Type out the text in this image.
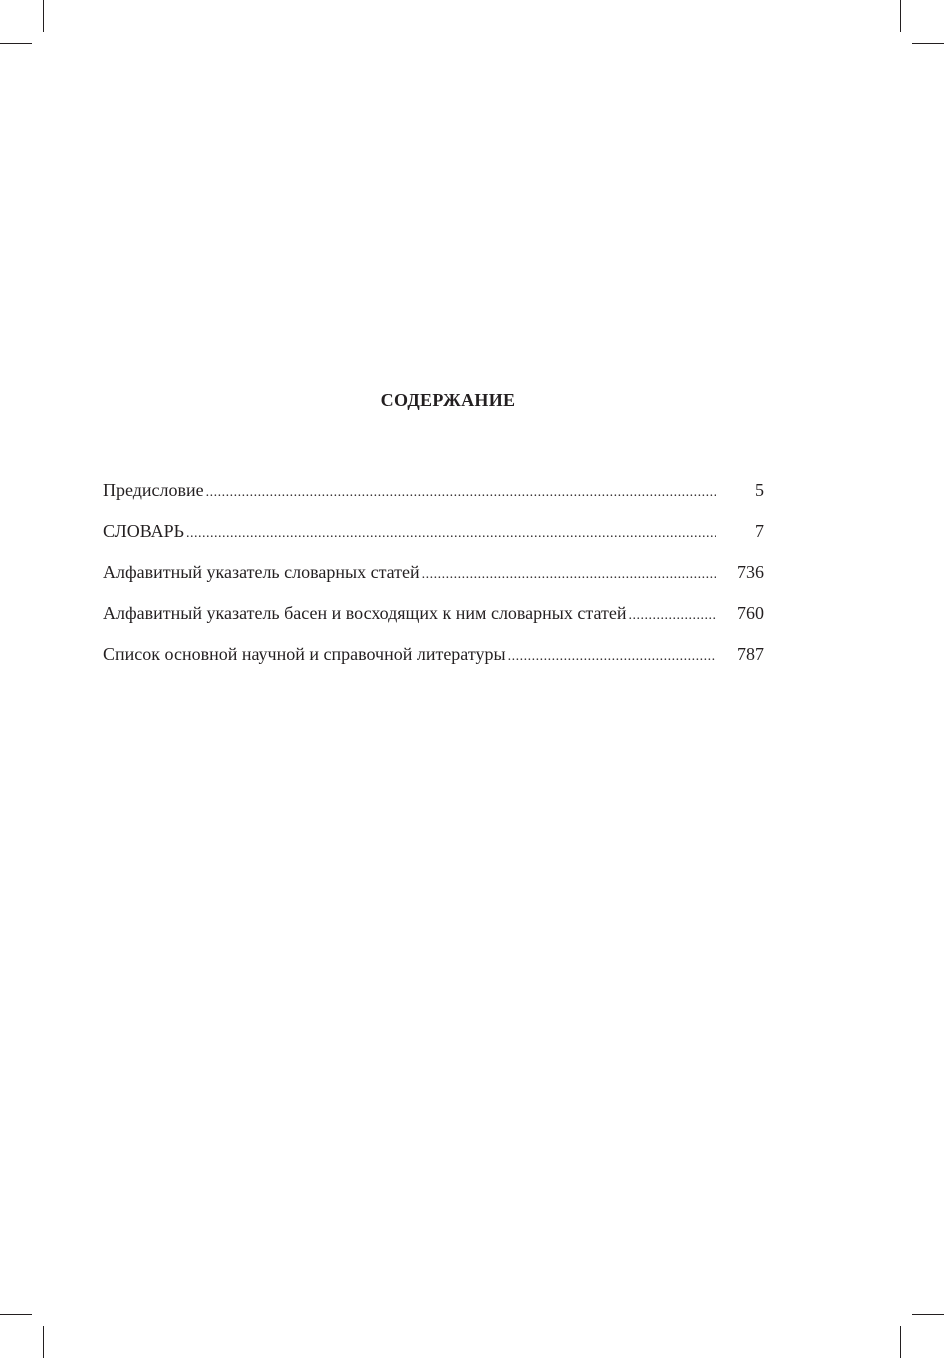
СОДЕРЖАНИЕ
Предисловие .....	5
СЛОВАРЬ .....	7
Алфавитный указатель словарных статей .....	736
Алфавитный указатель басен и восходящих к ним словарных статей .....	760
Список основной научной и справочной литературы .....	787
